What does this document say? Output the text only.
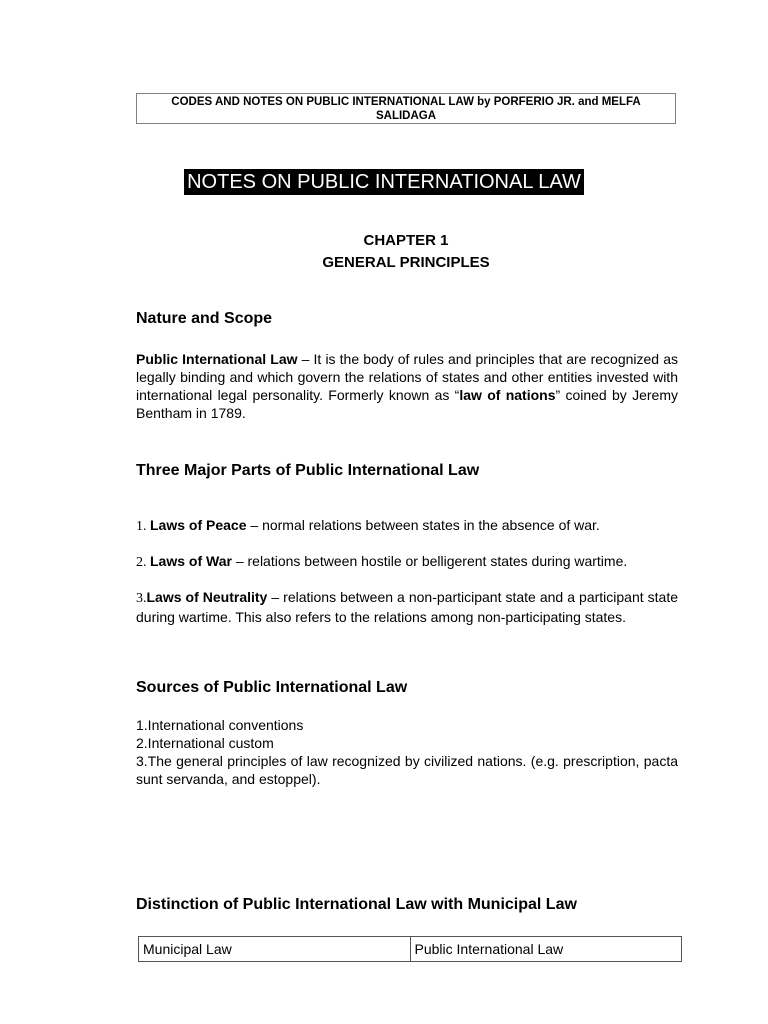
CODES AND NOTES ON PUBLIC INTERNATIONAL LAW by PORFERIO JR. and MELFA
SALIDAGA
NOTES ON PUBLIC INTERNATIONAL LAW
CHAPTER 1
GENERAL PRINCIPLES
Nature and Scope
Public International Law – It is the body of rules and principles that are recognized as legally binding and which govern the relations of states and other entities invested with international legal personality. Formerly known as “law of nations” coined by Jeremy Bentham in 1789.
Three Major Parts of Public International Law
1. Laws of Peace – normal relations between states in the absence of war.
2. Laws of War – relations between hostile or belligerent states during wartime.
3.Laws of Neutrality – relations between a non-participant state and a participant state during wartime. This also refers to the relations among non-participating states.
Sources of Public International Law
1.International conventions
2.International custom
3.The general principles of law recognized by civilized nations. (e.g. prescription, pacta sunt servanda, and estoppel).
Distinction of Public International Law with Municipal Law
Municipal Law	Public International Law
